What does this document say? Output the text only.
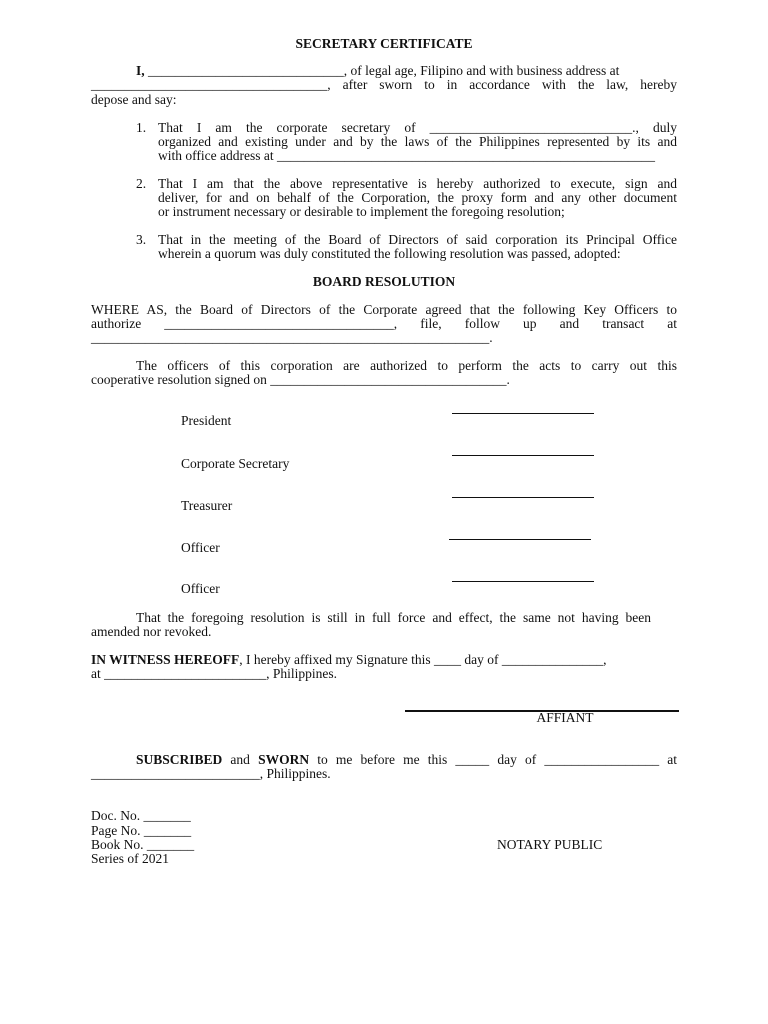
SECRETARY CERTIFICATE
I, _____________________________, of legal age, Filipino and with business address at
___________________________________, after sworn to in accordance with the law, hereby
depose and say:
1. That I am the corporate secretary of ______________________________., duly
organized and existing under and by the laws of the Philippines represented by its and
with office address at ________________________________________________________
2. That I am that the above representative is hereby authorized to execute, sign and
deliver, for and on behalf of the Corporation, the proxy form and any other document
or instrument necessary or desirable to implement the foregoing resolution;
3. That in the meeting of the Board of Directors of said corporation its Principal Office
wherein a quorum was duly constituted the following resolution was passed, adopted:
BOARD RESOLUTION
WHERE AS, the Board of Directors of the Corporate agreed that the following Key Officers to
authorize __________________________________, file, follow up and transact at
___________________________________________________________.
The officers of this corporation are authorized to perform the acts to carry out this
cooperative resolution signed on ___________________________________.
President
Corporate Secretary
Treasurer
Officer
Officer
That the foregoing resolution is still in full force and effect, the same not having been
amended nor revoked.
IN WITNESS HEREOFF, I hereby affixed my Signature this ____ day of _______________,
at ________________________, Philippines.
AFFIANT
SUBSCRIBED and SWORN to me before me this _____ day of _________________ at
_________________________, Philippines.
Doc. No. _______
Page No. _______
Book No. _______
Series of 2021
NOTARY PUBLIC
